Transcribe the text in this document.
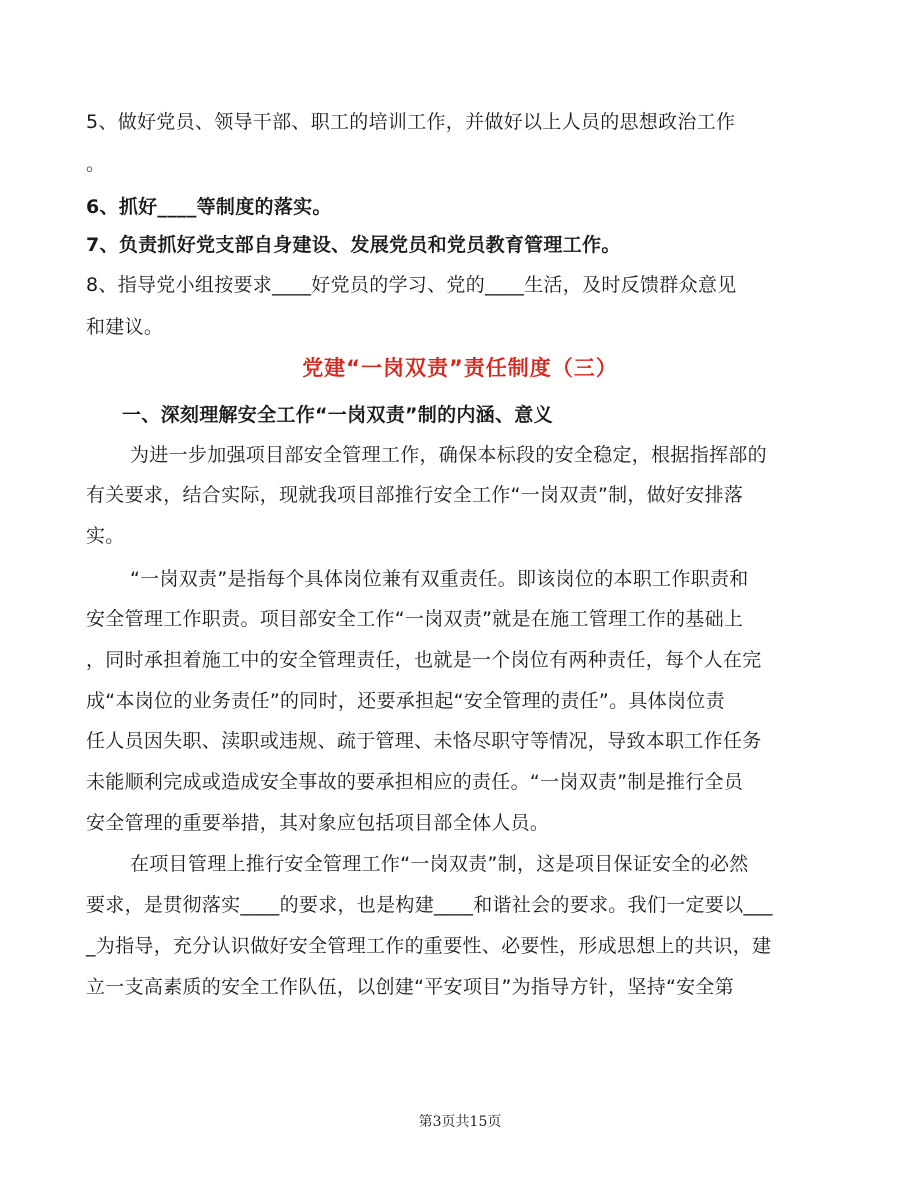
5、做好党员、领导干部、职工的培训工作，并做好以上人员的思想政治工作
。
6、抓好____等制度的落实。
7、负责抓好党支部自身建设、发展党员和党员教育管理工作。
8、指导党小组按要求____好党员的学习、党的____生活，及时反馈群众意见
和建议。
党建“一岗双责”责任制度（三）
一、深刻理解安全工作“一岗双责”制的内涵、意义
为进一步加强项目部安全管理工作，确保本标段的安全稳定，根据指挥部的
有关要求，结合实际，现就我项目部推行安全工作“一岗双责”制，做好安排落
实。
“一岗双责”是指每个具体岗位兼有双重责任。即该岗位的本职工作职责和
安全管理工作职责。项目部安全工作“一岗双责”就是在施工管理工作的基础上
，同时承担着施工中的安全管理责任，也就是一个岗位有两种责任，每个人在完
成“本岗位的业务责任”的同时，还要承担起“安全管理的责任”。具体岗位责
任人员因失职、渎职或违规、疏于管理、未恪尽职守等情况，导致本职工作任务
未能顺利完成或造成安全事故的要承担相应的责任。“一岗双责”制是推行全员
安全管理的重要举措，其对象应包括项目部全体人员。
在项目管理上推行安全管理工作“一岗双责”制，这是项目保证安全的必然
要求，是贯彻落实____的要求，也是构建____和谐社会的要求。我们一定要以___
_为指导，充分认识做好安全管理工作的重要性、必要性，形成思想上的共识，建
立一支高素质的安全工作队伍，以创建“平安项目”为指导方针，坚持“安全第
第3页共15页
